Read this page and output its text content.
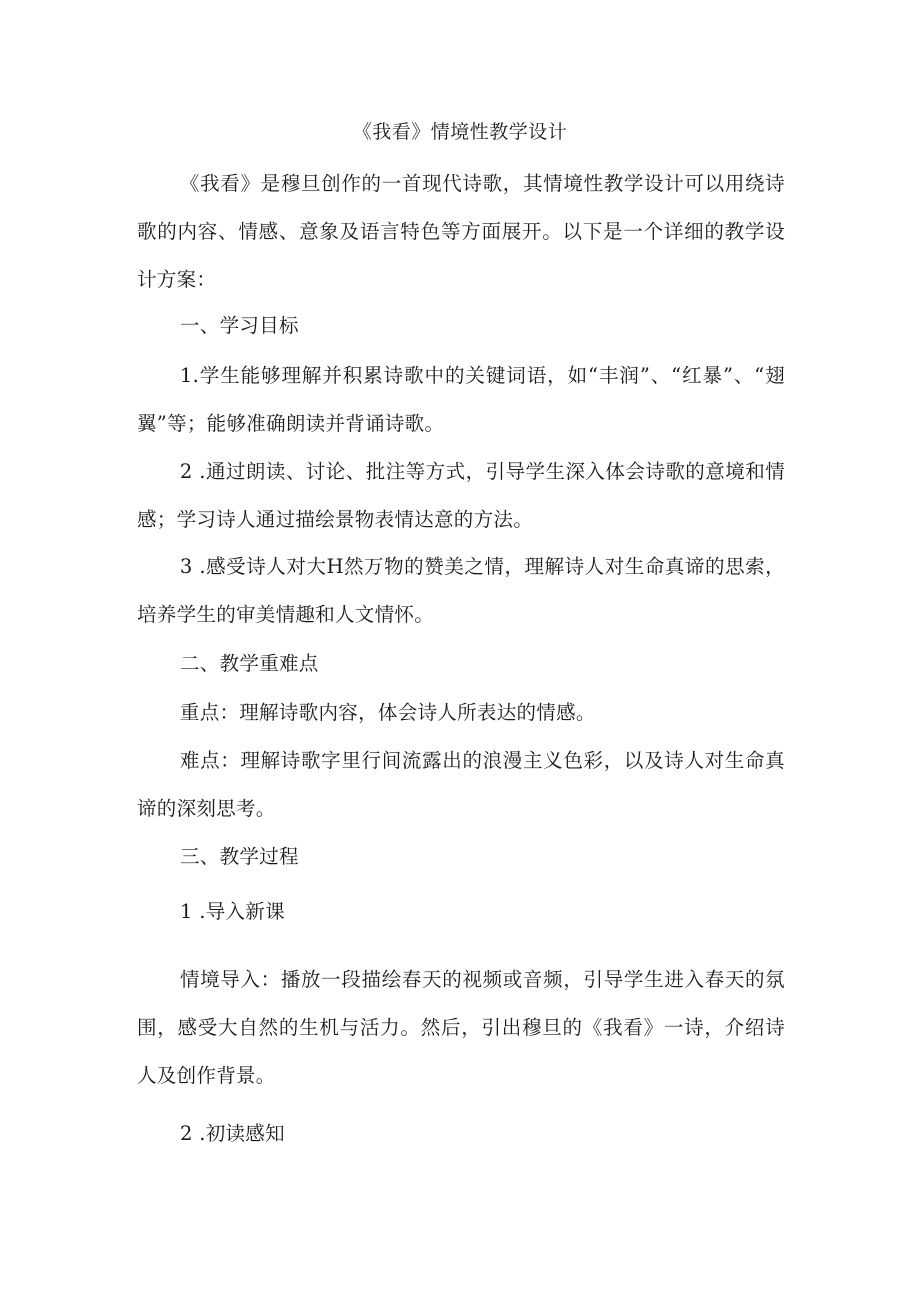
《我看》情境性教学设计

《我看》是穆旦创作的一首现代诗歌，其情境性教学设计可以用绕诗歌的内容、情感、意象及语言特色等方面展开。以下是一个详细的教学设计方案：

一、学习目标

1.学生能够理解并积累诗歌中的关键词语，如“丰润”、“红暴”、“翅翼”等；能够准确朗读并背诵诗歌。

2 .通过朗读、讨论、批注等方式，引导学生深入体会诗歌的意境和情感；学习诗人通过描绘景物表情达意的方法。

3 .感受诗人对大H然万物的赞美之情，理解诗人对生命真谛的思索，培养学生的审美情趣和人文情怀。

二、教学重难点

重点：理解诗歌内容，体会诗人所表达的情感。

难点：理解诗歌字里行间流露出的浪漫主义色彩，以及诗人对生命真谛的深刻思考。

三、教学过程

1 .导入新课

情境导入：播放一段描绘春天的视频或音频，引导学生进入春天的氛围，感受大自然的生机与活力。然后，引出穆旦的《我看》一诗，介绍诗人及创作背景。

2 .初读感知
